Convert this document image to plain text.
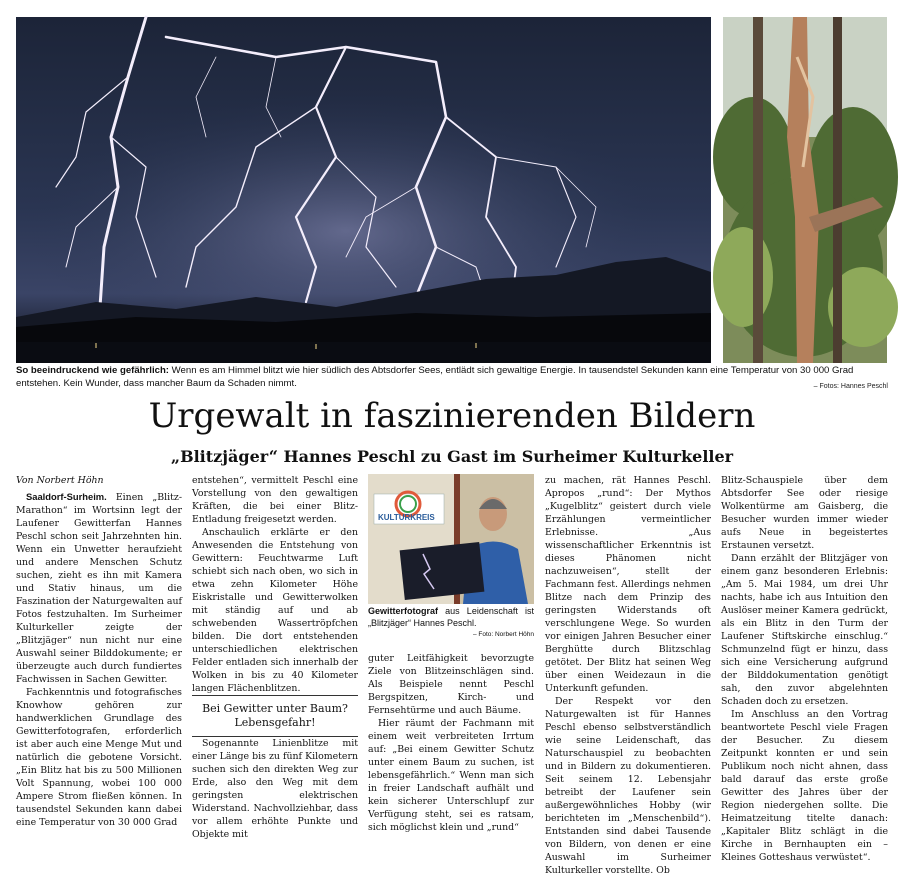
So beeindruckend wie gefährlich: Wenn es am Himmel blitzt wie hier südlich des Abtsdorfer Sees, entlädt sich gewaltige Energie. In tausendstel Sekunden kann eine Temperatur von 30 000 Grad entstehen. Kein Wunder, dass mancher Baum da Schaden nimmt.	– Fotos: Hannes Peschl
Urgewalt in faszinierenden Bildern
„Blitzjäger“ Hannes Peschl zu Gast im Surheimer Kulturkeller

Von Norbert Höhn

Saaldorf-Surheim. Einen „Blitz-Marathon“ im Wortsinn legt der Laufener Gewitterfan Hannes Peschl schon seit Jahrzehnten hin. Wenn ein Unwetter heraufzieht und andere Menschen Schutz suchen, zieht es ihn mit Kamera und Stativ hinaus, um die Faszination der Naturgewalten auf Fotos festzuhalten. Im Surheimer Kulturkeller zeigte der „Blitzjäger“ nun nicht nur eine Auswahl seiner Bilddokumente; er überzeugte auch durch fundiertes Fachwissen in Sachen Gewitter.

Fachkenntnis und fotografisches Knowhow gehören zur handwerklichen Grundlage des Gewitterfotografen, erforderlich ist aber auch eine Menge Mut und natürlich die gebotene Vorsicht. „Ein Blitz hat bis zu 500 Millionen Volt Spannung, wobei 100 000 Ampere Strom fließen können. In tausendstel Sekunden kann dabei eine Temperatur von 30 000 Grad

entstehen“, vermittelt Peschl eine Vorstellung von den gewaltigen Kräften, die bei einer Blitz-Entladung freigesetzt werden.

Anschaulich erklärte er den Anwesenden die Entstehung von Gewittern: Feuchtwarme Luft schiebt sich nach oben, wo sich in etwa zehn Kilometer Höhe Eiskristalle und Gewitterwolken mit ständig auf und ab schwebenden Wassertröpfchen bilden. Die dort entstehenden unterschiedlichen elektrischen Felder entladen sich innerhalb der Wolken in bis zu 40 Kilometer langen Flächenblitzen.

Bei Gewitter unter Baum? Lebensgefahr!

Sogenannte Linienblitze mit einer Länge bis zu fünf Kilometern suchen sich den direkten Weg zur Erde, also den Weg mit dem geringsten elektrischen Widerstand. Nachvollziehbar, dass vor allem erhöhte Punkte und Objekte mit

KULTURKREIS
Gewitterfotograf aus Leidenschaft ist „Blitzjäger“ Hannes Peschl.
– Foto: Norbert Höhn

guter Leitfähigkeit bevorzugte Ziele von Blitzeinschlägen sind. Als Beispiele nennt Peschl Bergspitzen, Kirch- und Fernsehtürme und auch Bäume.

Hier räumt der Fachmann mit einem weit verbreiteten Irrtum auf: „Bei einem Gewitter Schutz unter einem Baum zu suchen, ist lebensgefährlich.“ Wenn man sich in freier Landschaft aufhält und kein sicherer Unterschlupf zur Verfügung steht, sei es ratsam, sich möglichst klein und „rund“

zu machen, rät Hannes Peschl. Apropos „rund“: Der Mythos „Kugelblitz“ geistert durch viele Erzählungen vermeintlicher Erlebnisse. „Aus wissenschaftlicher Erkenntnis ist dieses Phänomen nicht nachzuweisen“, stellt der Fachmann fest. Allerdings nehmen Blitze nach dem Prinzip des geringsten Widerstands oft verschlungene Wege. So wurden vor einigen Jahren Besucher einer Berghütte durch Blitzschlag getötet. Der Blitz hat seinen Weg über einen Weidezaun in die Unterkunft gefunden.

Der Respekt vor den Naturgewalten ist für Hannes Peschl ebenso selbstverständlich wie seine Leidenschaft, das Naturschauspiel zu beobachten und in Bildern zu dokumentieren. Seit seinem 12. Lebensjahr betreibt der Laufener sein außergewöhnliches Hobby (wir berichteten im „Menschenbild“). Entstanden sind dabei Tausende von Bildern, von denen er eine Auswahl im Surheimer Kulturkeller vorstellte. Ob

Blitz-Schauspiele über dem Abtsdorfer See oder riesige Wolkentürme am Gaisberg, die Besucher wurden immer wieder aufs Neue in begeistertes Erstaunen versetzt.

Dann erzählt der Blitzjäger von einem ganz besonderen Erlebnis: „Am 5. Mai 1984, um drei Uhr nachts, habe ich aus Intuition den Auslöser meiner Kamera gedrückt, als ein Blitz in den Turm der Laufener Stiftskirche einschlug.“ Schmunzelnd fügt er hinzu, dass sich eine Versicherung aufgrund der Bilddokumentation genötigt sah, den zuvor abgelehnten Schaden doch zu ersetzen.

Im Anschluss an den Vortrag beantwortete Peschl viele Fragen der Besucher. Zu diesem Zeitpunkt konnten er und sein Publikum noch nicht ahnen, dass bald darauf das erste große Gewitter des Jahres über der Region niedergehen sollte. Die Heimatzeitung titelte danach: „Kapitaler Blitz schlägt in die Kirche in Bernhaupten ein – Kleines Gotteshaus verwüstet“.
